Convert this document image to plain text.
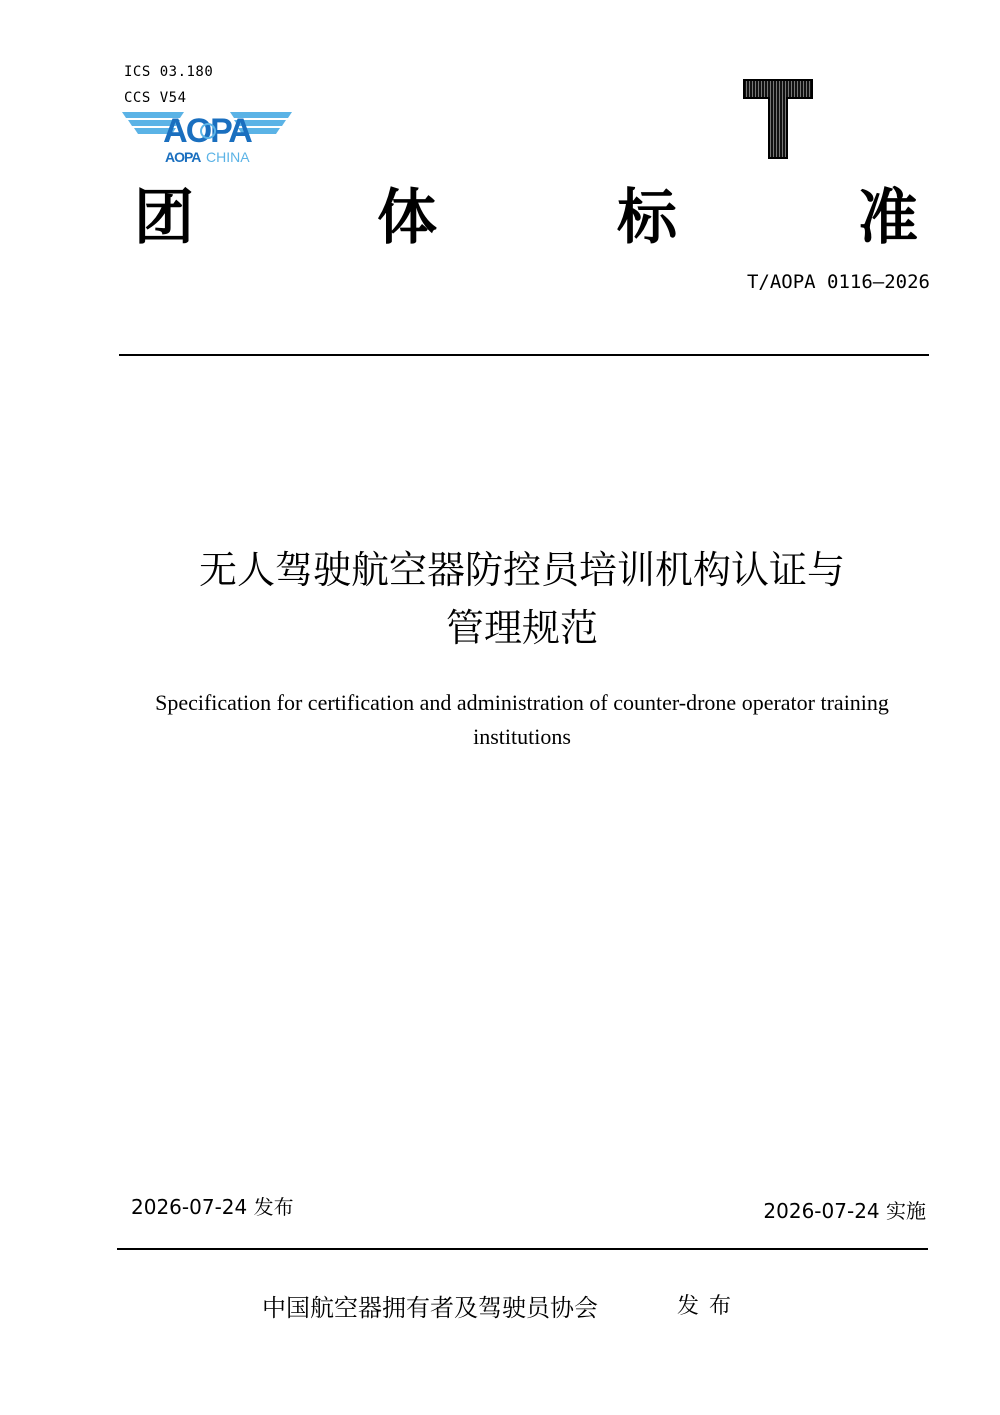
ICS 03.180
CCS V54
AOPA
AOPA CHINA
团	体	标	准
T/AOPA 0116—2026
无人驾驶航空器防控员培训机构认证与
管理规范
Specification for certification and administration of counter-drone operator training
institutions
2026-07-24 发布	2026-07-24 实施
中国航空器拥有者及驾驶员协会	发布
